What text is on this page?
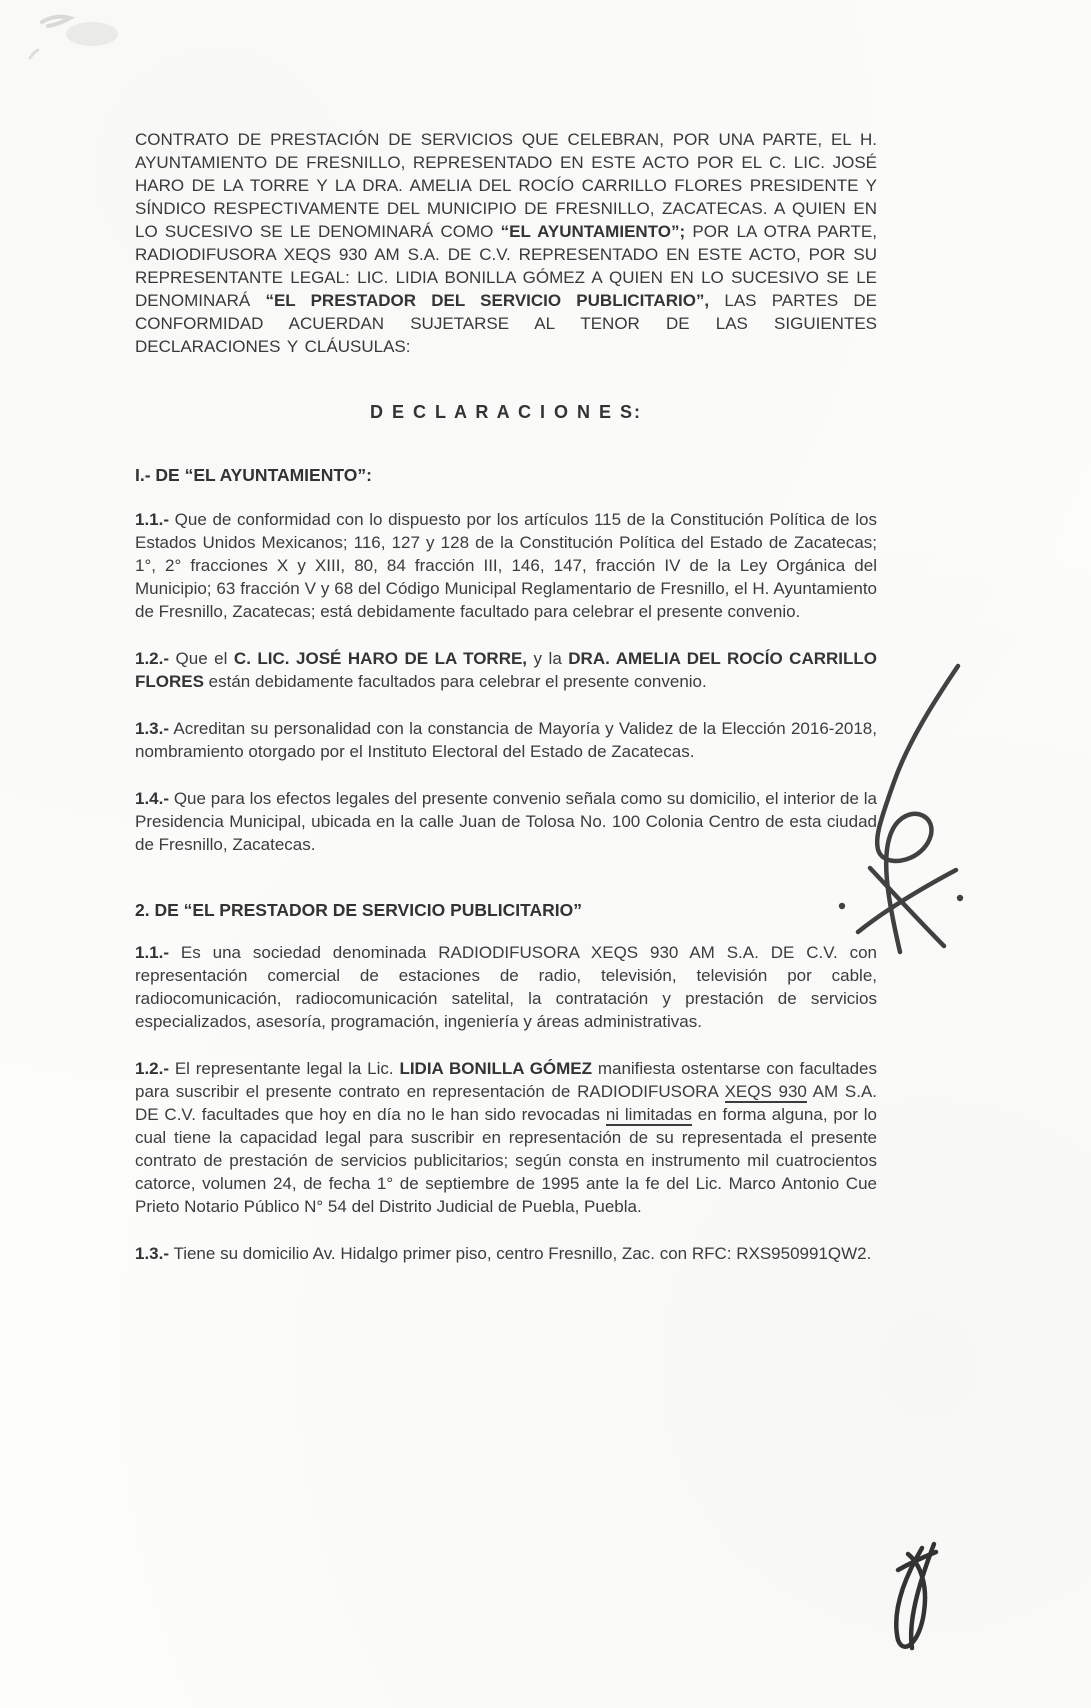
CONTRATO DE PRESTACIÓN DE SERVICIOS QUE CELEBRAN, POR UNA PARTE, EL H. AYUNTAMIENTO DE FRESNILLO, REPRESENTADO EN ESTE ACTO POR EL C. LIC. JOSÉ HARO DE LA TORRE Y LA DRA. AMELIA DEL ROCÍO CARRILLO FLORES PRESIDENTE Y SÍNDICO RESPECTIVAMENTE DEL MUNICIPIO DE FRESNILLO, ZACATECAS. A QUIEN EN LO SUCESIVO SE LE DENOMINARÁ COMO “EL AYUNTAMIENTO”; POR LA OTRA PARTE, RADIODIFUSORA XEQS 930 AM S.A. DE C.V. REPRESENTADO EN ESTE ACTO, POR SU REPRESENTANTE LEGAL: LIC. LIDIA BONILLA GÓMEZ A QUIEN EN LO SUCESIVO SE LE DENOMINARÁ “EL PRESTADOR DEL SERVICIO PUBLICITARIO”, LAS PARTES DE CONFORMIDAD ACUERDAN SUJETARSE AL TENOR DE LAS SIGUIENTES DECLARACIONES Y CLÁUSULAS:

D E C L A R A C I O N E S:
I.- DE “EL AYUNTAMIENTO”:

1.1.- Que de conformidad con lo dispuesto por los artículos 115 de la Constitución Política de los Estados Unidos Mexicanos; 116, 127 y 128 de la Constitución Política del Estado de Zacatecas; 1°, 2° fracciones X y XIII, 80, 84 fracción III, 146, 147, fracción IV de la Ley Orgánica del Municipio; 63 fracción V y 68 del Código Municipal Reglamentario de Fresnillo, el H. Ayuntamiento de Fresnillo, Zacatecas; está debidamente facultado para celebrar el presente convenio.

1.2.- Que el C. LIC. JOSÉ HARO DE LA TORRE, y la DRA. AMELIA DEL ROCÍO CARRILLO FLORES están debidamente facultados para celebrar el presente convenio.

1.3.- Acreditan su personalidad con la constancia de Mayoría y Validez de la Elección 2016-2018, nombramiento otorgado por el Instituto Electoral del Estado de Zacatecas.

1.4.- Que para los efectos legales del presente convenio señala como su domicilio, el interior de la Presidencia Municipal, ubicada en la calle Juan de Tolosa No. 100 Colonia Centro de esta ciudad de Fresnillo, Zacatecas.

2. DE “EL PRESTADOR DE SERVICIO PUBLICITARIO”

1.1.- Es una sociedad denominada RADIODIFUSORA XEQS 930 AM S.A. DE C.V. con representación comercial de estaciones de radio, televisión, televisión por cable, radiocomunicación, radiocomunicación satelital, la contratación y prestación de servicios especializados, asesoría, programación, ingeniería y áreas administrativas.

1.2.- El representante legal la Lic. LIDIA BONILLA GÓMEZ manifiesta ostentarse con facultades para suscribir el presente contrato en representación de RADIODIFUSORA XEQS 930 AM S.A. DE C.V. facultades que hoy en día no le han sido revocadas ni limitadas en forma alguna, por lo cual tiene la capacidad legal para suscribir en representación de su representada el presente contrato de prestación de servicios publicitarios; según consta en instrumento mil cuatrocientos catorce, volumen 24, de fecha 1° de septiembre de 1995 ante la fe del Lic. Marco Antonio Cue Prieto Notario Público N° 54 del Distrito Judicial de Puebla, Puebla.

1.3.- Tiene su domicilio Av. Hidalgo primer piso, centro Fresnillo, Zac. con RFC: RXS950991QW2.
